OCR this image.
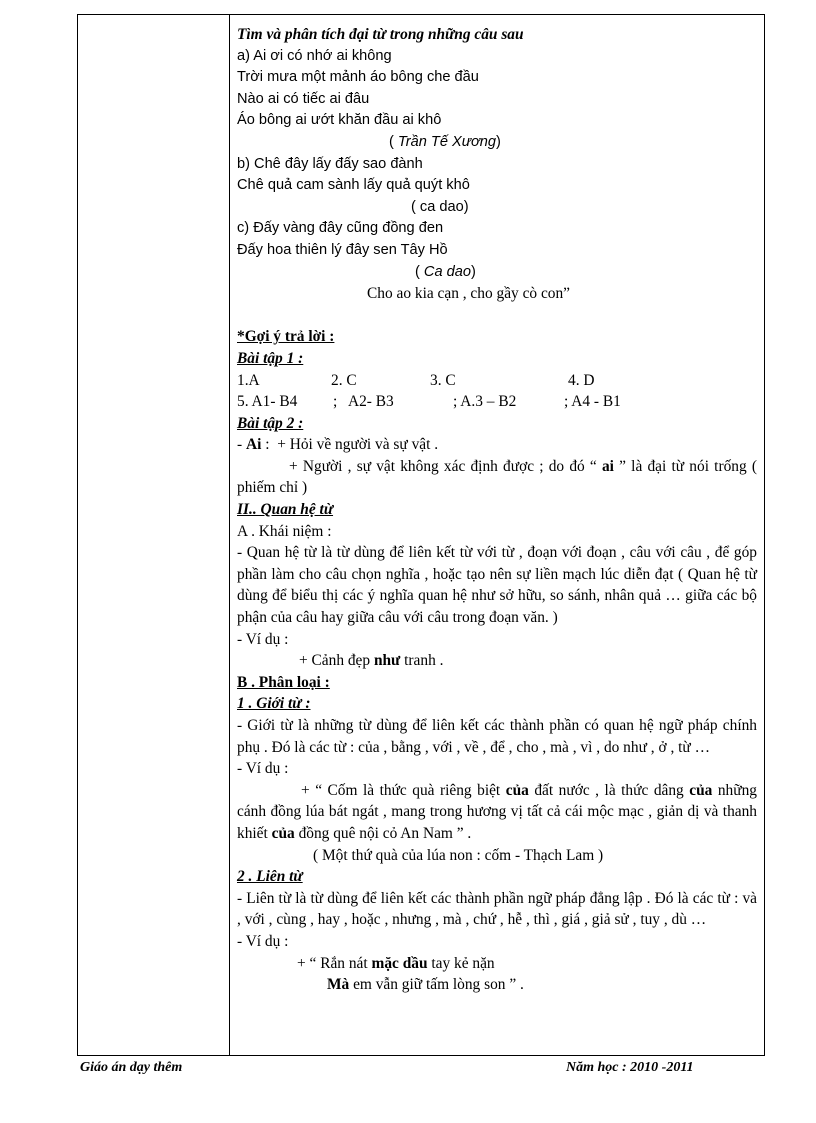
Tìm và phân tích đại từ trong những câu sau
a) Ai ơi có nhớ ai không
Trời mưa một mảnh áo bông che đầu
Nào ai có tiếc ai đâu
Áo bông ai ướt khăn đầu ai khô
( Trần Tế Xương)
b) Chê đây lấy đấy sao đành
Chê quả cam sành lấy quả quýt khô
( ca dao)
c) Đấy vàng đây cũng đồng đen
Đấy hoa thiên lý đây sen Tây Hồ
( Ca dao)
Cho ao kia cạn , cho gầy cò con”
*Gợi ý trả lời :
Bài tập 1 :
1.A	2. C	3. C	4. D
5. A1- B4 ;   A2- B3	; A.3 – B2	; A4 - B1
Bài tập 2 :
- Ai :  + Hỏi về người và sự vật .
+ Người , sự vật không xác định được ; do đó “ ai ” là đại từ nói trống ( phiếm chỉ )
II.. Quan hệ từ
A . Khái niệm :
- Quan hệ từ là từ dùng để liên kết từ với từ , đoạn với đoạn , câu với câu , để góp phần làm cho câu chọn nghĩa , hoặc tạo nên sự liền mạch lúc diễn đạt ( Quan hệ từ dùng để biểu thị các ý nghĩa quan hệ như sở hữu, so sánh, nhân quả … giữa các bộ phận của câu hay giữa câu với câu trong đoạn văn. )
- Ví dụ :
+ Cảnh đẹp như tranh .
B . Phân loại :
1 . Giới từ :
- Giới từ là những từ dùng để liên kết các thành phần có quan hệ ngữ pháp chính phụ . Đó là các từ : của , bằng , với , về , để , cho , mà , vì , do như , ở , từ …
- Ví dụ :
+ “ Cốm là thức quà riêng biệt của đất nước , là thức dâng của những cánh đồng lúa bát ngát , mang trong hương vị tất cả cái mộc mạc , giản dị và thanh khiết của đồng quê nội cỏ An Nam ” .
( Một thứ quà của lúa non : cốm - Thạch Lam )
2 . Liên từ
- Liên từ là từ dùng để liên kết các thành phần ngữ pháp đẳng lập . Đó là các từ : và , với , cùng , hay , hoặc , nhưng , mà , chứ , hễ , thì , giá , giả sử , tuy , dù …
- Ví dụ :
+ “ Rắn nát mặc dầu tay kẻ nặn
Mà em vẫn giữ tấm lòng son ” .
Giáo án dạy thêm	Năm học : 2010 -2011
